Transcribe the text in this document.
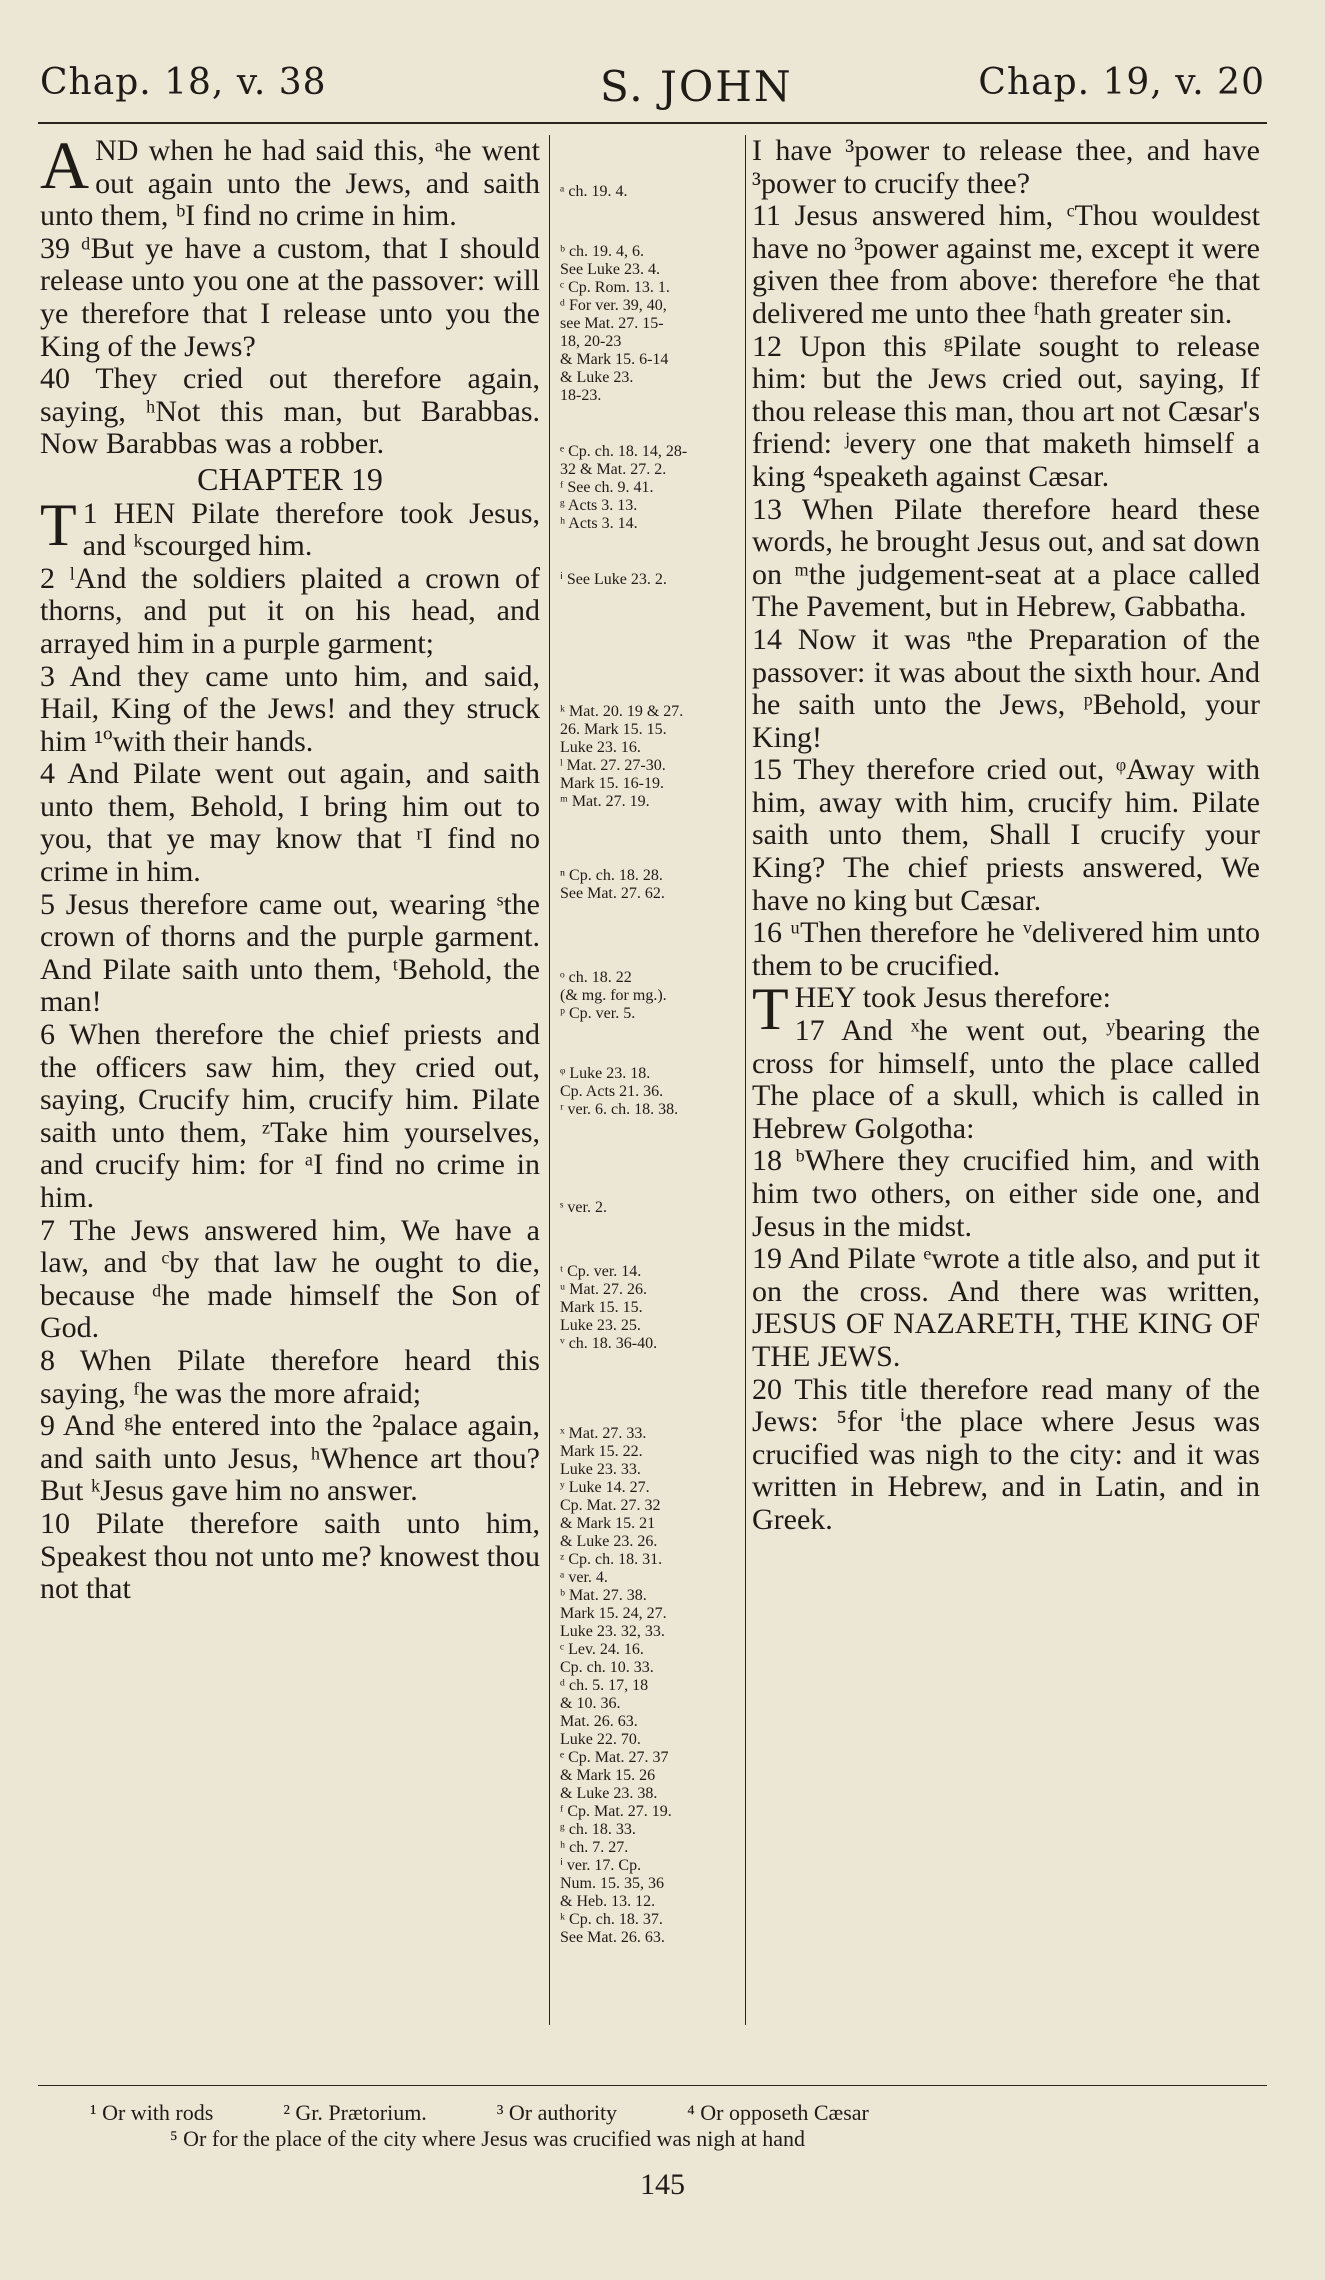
Chap. 18, v. 38	S. JOHN	Chap. 19, v. 20

AND when he had said this, ᵃhe went out again unto the Jews, and saith unto them, ᵇI find no crime in him.

39 ᵈBut ye have a custom, that I should release unto you one at the passover: will ye therefore that I release unto you the King of the Jews?

40 They cried out therefore again, saying, ʰNot this man, but Barabbas. Now Barabbas was a robber.

CHAPTER 19

T 1 HEN Pilate therefore took Jesus, and ᵏscourged him.

2 ˡAnd the soldiers plaited a crown of thorns, and put it on his head, and arrayed him in a purple garment;

3 And they came unto him, and said, Hail, King of the Jews! and they struck him ¹ºwith their hands.

4 And Pilate went out again, and saith unto them, Behold, I bring him out to you, that ye may know that ʳI find no crime in him.

5 Jesus therefore came out, wearing ˢthe crown of thorns and the purple garment. And Pilate saith unto them, ᵗBehold, the man!

6 When therefore the chief priests and the officers saw him, they cried out, saying, Crucify him, crucify him. Pilate saith unto them, ᶻTake him yourselves, and crucify him: for ᵃI find no crime in him.

7 The Jews answered him, We have a law, and ᶜby that law he ought to die, because ᵈhe made himself the Son of God.

8 When Pilate therefore heard this saying, ᶠhe was the more afraid;

9 And ᵍhe entered into the ²palace again, and saith unto Jesus, ʰWhence art thou? But ᵏJesus gave him no answer.

10 Pilate therefore saith unto him, Speakest thou not unto me? knowest thou not that

ᵃ ch. 19. 4.
ᵇ ch. 19. 4, 6.
See Luke 23. 4.
ᶜ Cp. Rom. 13. 1.
ᵈ For ver. 39, 40,
see Mat. 27. 15-
18, 20-23
& Mark 15. 6-14
& Luke 23.
18-23.
ᵉ Cp. ch. 18. 14, 28-
32 & Mat. 27. 2.
ᶠ See ch. 9. 41.
ᵍ Acts 3. 13.
ʰ Acts 3. 14.
ⁱ See Luke 23. 2.
ᵏ Mat. 20. 19 & 27.
26. Mark 15. 15.
Luke 23. 16.
ˡ Mat. 27. 27-30.
Mark 15. 16-19.
ᵐ Mat. 27. 19.
ⁿ Cp. ch. 18. 28.
See Mat. 27. 62.
ᵒ ch. 18. 22
(& mg. for mg.).
ᵖ Cp. ver. 5.
ᵠ Luke 23. 18.
Cp. Acts 21. 36.
ʳ ver. 6. ch. 18. 38.
ˢ ver. 2.
ᵗ Cp. ver. 14.
ᵘ Mat. 27. 26.
Mark 15. 15.
Luke 23. 25.
ᵛ ch. 18. 36-40.
ˣ Mat. 27. 33.
Mark 15. 22.
Luke 23. 33.
ʸ Luke 14. 27.
Cp. Mat. 27. 32
& Mark 15. 21
& Luke 23. 26.
ᶻ Cp. ch. 18. 31.
ᵃ ver. 4.
ᵇ Mat. 27. 38.
Mark 15. 24, 27.
Luke 23. 32, 33.
ᶜ Lev. 24. 16.
Cp. ch. 10. 33.
ᵈ ch. 5. 17, 18
& 10. 36.
Mat. 26. 63.
Luke 22. 70.
ᵉ Cp. Mat. 27. 37
& Mark 15. 26
& Luke 23. 38.
ᶠ Cp. Mat. 27. 19.
ᵍ ch. 18. 33.
ʰ ch. 7. 27.
ⁱ ver. 17. Cp.
Num. 15. 35, 36
& Heb. 13. 12.
ᵏ Cp. ch. 18. 37.
See Mat. 26. 63.

I have ³power to release thee, and have ³power to crucify thee?

11 Jesus answered him, ᶜThou wouldest have no ³power against me, except it were given thee from above: therefore ᵉhe that delivered me unto thee ᶠhath greater sin.

12 Upon this ᵍPilate sought to release him: but the Jews cried out, saying, If thou release this man, thou art not Cæsar's friend: ʲevery one that maketh himself a king ⁴speaketh against Cæsar.

13 When Pilate therefore heard these words, he brought Jesus out, and sat down on ᵐthe judgement-seat at a place called The Pavement, but in Hebrew, Gabbatha.

14 Now it was ⁿthe Preparation of the passover: it was about the sixth hour. And he saith unto the Jews, ᵖBehold, your King!

15 They therefore cried out, ᵠAway with him, away with him, crucify him. Pilate saith unto them, Shall I crucify your King? The chief priests answered, We have no king but Cæsar.

16 ᵘThen therefore he ᵛdelivered him unto them to be crucified.

THEY took Jesus therefore:

17 And ˣhe went out, ʸbearing the cross for himself, unto the place called The place of a skull, which is called in Hebrew Golgotha:

18 ᵇWhere they crucified him, and with him two others, on either side one, and Jesus in the midst.

19 And Pilate ᵉwrote a title also, and put it on the cross. And there was written, JESUS OF NAZARETH, THE KING OF THE JEWS.

20 This title therefore read many of the Jews: ⁵for ⁱthe place where Jesus was crucified was nigh to the city: and it was written in Hebrew, and in Latin, and in Greek.

¹ Or with rods	² Gr. Prætorium.	³ Or authority	⁴ Or opposeth Cæsar
⁵ Or for the place of the city where Jesus was crucified was nigh at hand
145
